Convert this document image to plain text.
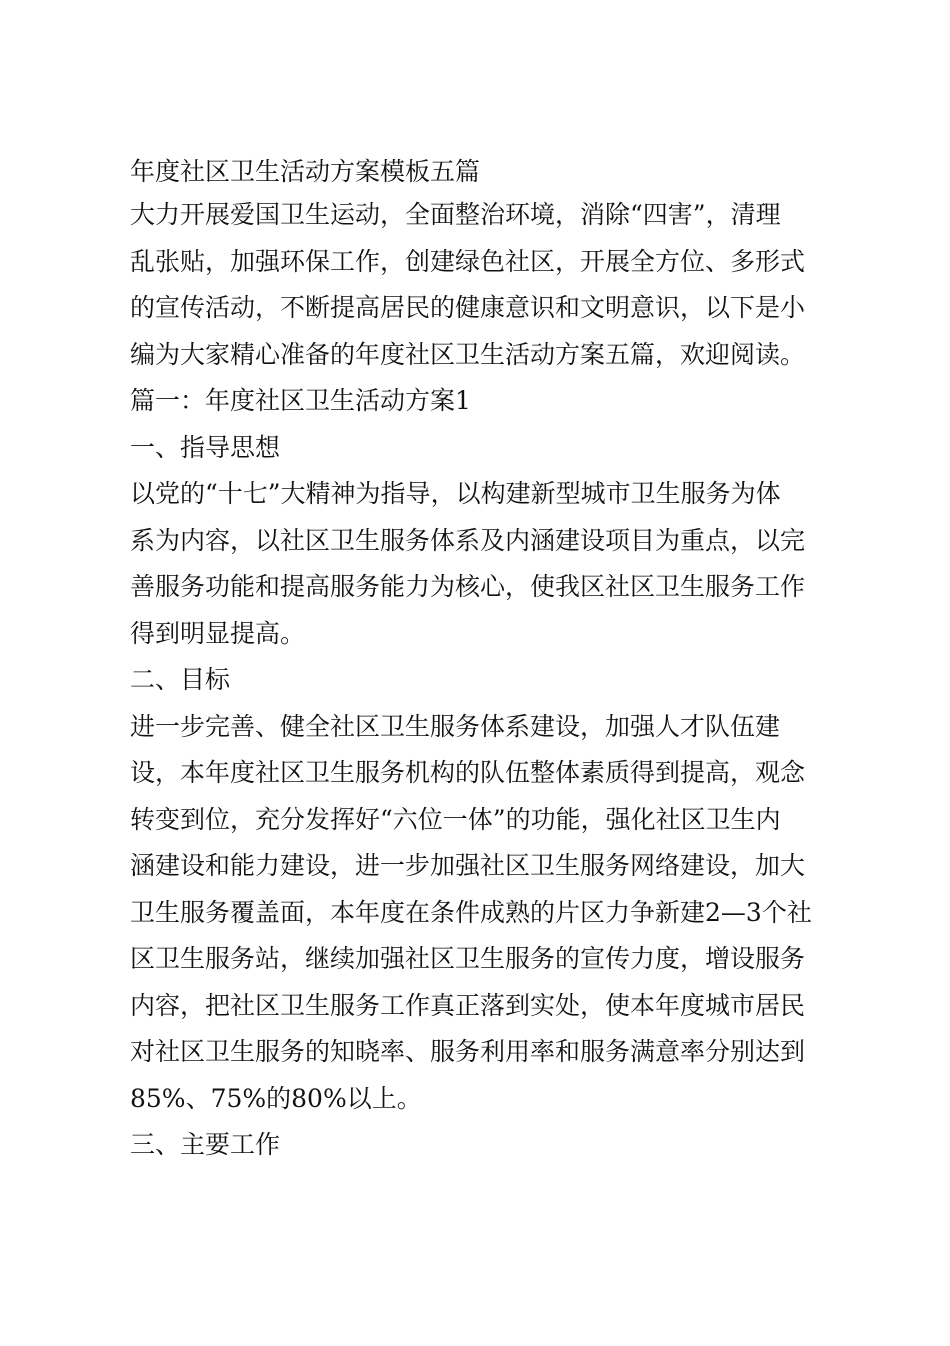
年度社区卫生活动方案模板五篇
大力开展爱国卫生运动，全面整治环境，消除“四害”，清理
乱张贴，加强环保工作，创建绿色社区，开展全方位、多形式
的宣传活动，不断提高居民的健康意识和文明意识，以下是小
编为大家精心准备的年度社区卫生活动方案五篇，欢迎阅读。
篇一：年度社区卫生活动方案1
一、指导思想
以党的“十七”大精神为指导，以构建新型城市卫生服务为体
系为内容，以社区卫生服务体系及内涵建设项目为重点，以完
善服务功能和提高服务能力为核心，使我区社区卫生服务工作
得到明显提高。
二、目标
进一步完善、健全社区卫生服务体系建设，加强人才队伍建
设，本年度社区卫生服务机构的队伍整体素质得到提高，观念
转变到位，充分发挥好“六位一体”的功能，强化社区卫生内
涵建设和能力建设，进一步加强社区卫生服务网络建设，加大
卫生服务覆盖面，本年度在条件成熟的片区力争新建2—3个社
区卫生服务站，继续加强社区卫生服务的宣传力度，增设服务
内容，把社区卫生服务工作真正落到实处，使本年度城市居民
对社区卫生服务的知晓率、服务利用率和服务满意率分别达到
85%、75%的80%以上。
三、主要工作
